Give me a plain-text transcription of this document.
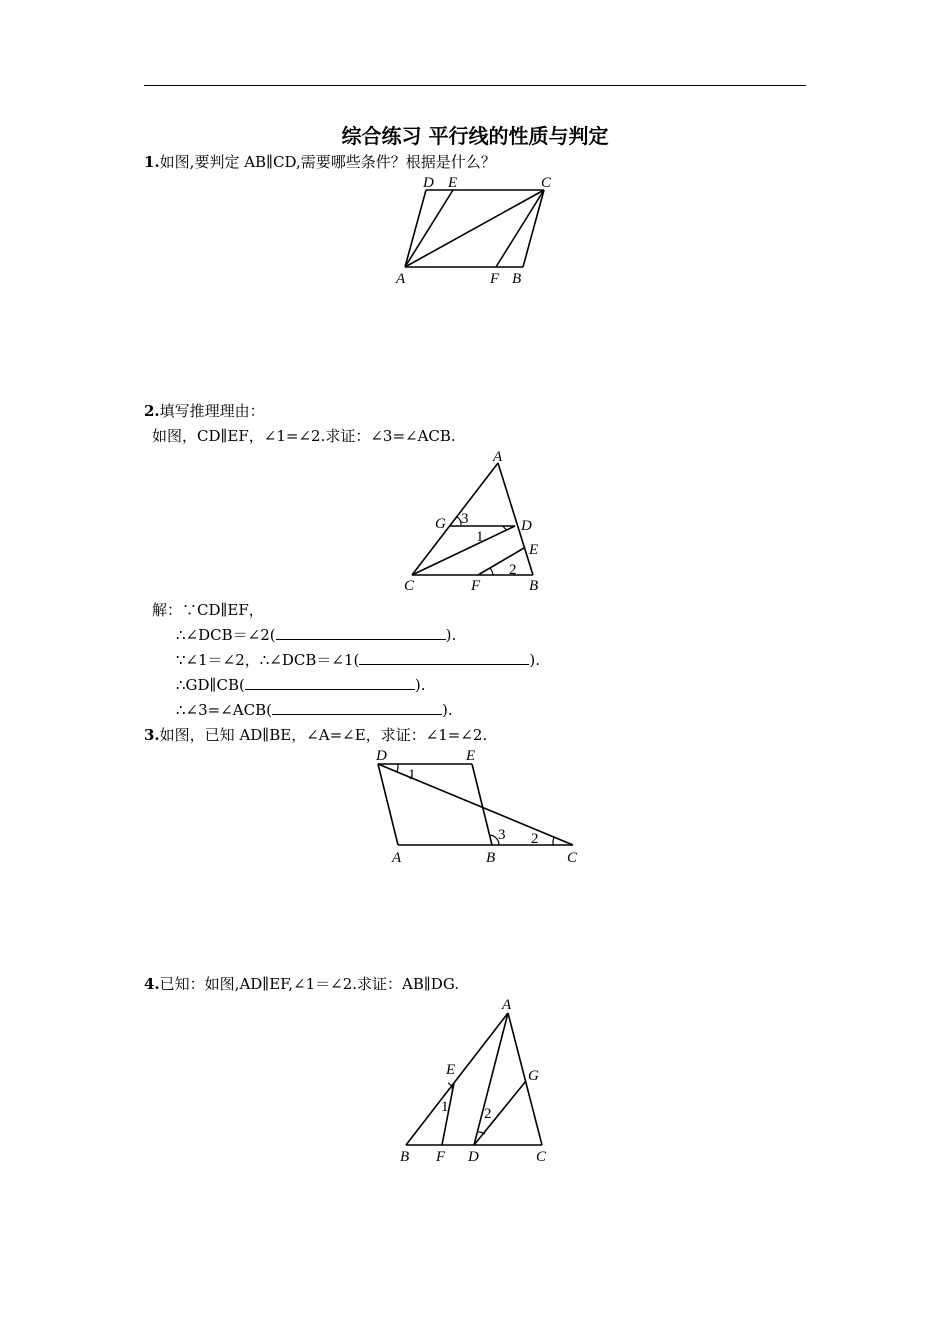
综合练习 平行线的性质与判定
1.如图,要判定 AB∥CD,需要哪些条件？根据是什么？
D E	C
A	F B
2.填写推理理由：
如图，CD∥EF，∠1=∠2.求证：∠3=∠ACB.
A
G 3	D
1
E
2
C	F	B
解：∵CD∥EF，
∴∠DCB＝∠2(	).
∵∠1＝∠2，∴∠DCB＝∠1(	).
∴GD∥CB(	).
∴∠3=∠ACB(	).
3.如图，已知 AD∥BE，∠A=∠E，求证：∠1=∠2.
D
1
E
3 2
A	B	C
4.已知：如图,AD∥EF,∠1＝∠2.求证：AB∥DG.
A
E	G
1 2
B F D	C
